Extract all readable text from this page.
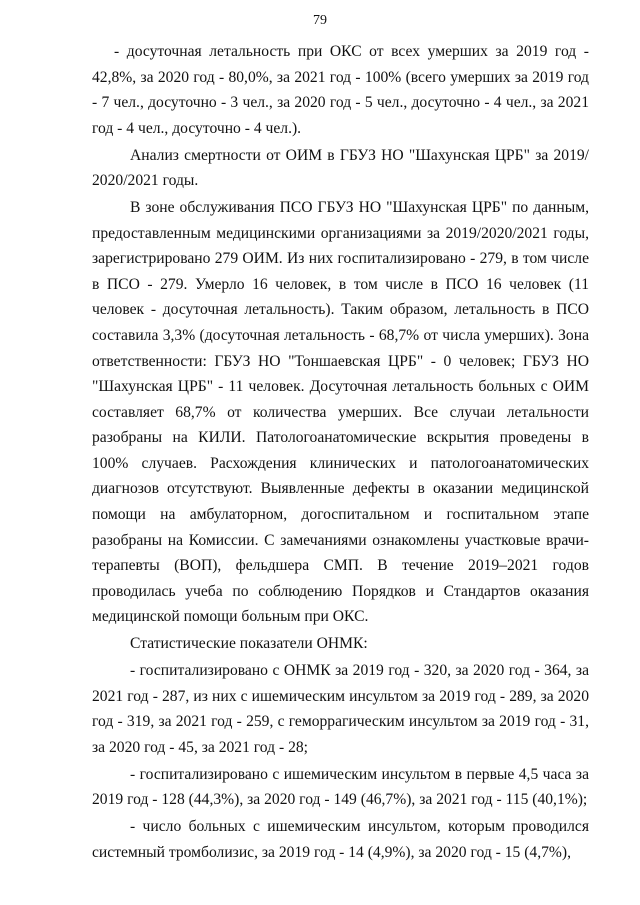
79

- досуточная летальность при ОКС от всех умерших за 2019 год - 42,8%, за 2020 год - 80,0%, за 2021 год - 100% (всего умерших за 2019 год - 7 чел., досуточно - 3 чел., за 2020 год - 5 чел., досуточно - 4 чел., за 2021 год - 4 чел., досуточно - 4 чел.).

Анализ смертности от ОИМ в ГБУЗ НО "Шахунская ЦРБ" за 2019/ 2020/2021 годы.

В зоне обслуживания ПСО ГБУЗ НО "Шахунская ЦРБ" по данным, предоставленным медицинскими организациями за 2019/2020/2021 годы, зарегистрировано 279 ОИМ. Из них госпитализировано - 279, в том числе в ПСО - 279. Умерло 16 человек, в том числе в ПСО 16 человек (11 человек - досуточная летальность). Таким образом, летальность в ПСО составила 3,3% (досуточная летальность - 68,7% от числа умерших). Зона ответственности: ГБУЗ НО "Тоншаевская ЦРБ" - 0 человек; ГБУЗ НО "Шахунская ЦРБ" - 11 человек. Досуточная летальность больных с ОИМ составляет 68,7% от количества умерших. Все случаи летальности разобраны на КИЛИ. Патологоанатомические вскрытия проведены в 100% случаев. Расхождения клинических и патологоанатомических диагнозов отсутствуют. Выявленные дефекты в оказании медицинской помощи на амбулаторном, догоспитальном и госпитальном этапе разобраны на Комиссии. С замечаниями ознакомлены участковые врачи-терапевты (ВОП), фельдшера СМП. В течение 2019–2021 годов проводилась учеба по соблюдению Порядков и Стандартов оказания медицинской помощи больным при ОКС.

Статистические показатели ОНМК:

- госпитализировано с ОНМК за 2019 год - 320, за 2020 год - 364, за 2021 год - 287, из них с ишемическим инсультом за 2019 год - 289, за 2020 год - 319, за 2021 год - 259, с геморрагическим инсультом за 2019 год - 31, за 2020 год - 45, за 2021 год - 28;

- госпитализировано с ишемическим инсультом в первые 4,5 часа за 2019 год - 128 (44,3%), за 2020 год - 149 (46,7%), за 2021 год - 115 (40,1%);

- число больных с ишемическим инсультом, которым проводился системный тромболизис, за 2019 год - 14 (4,9%), за 2020 год - 15 (4,7%),
